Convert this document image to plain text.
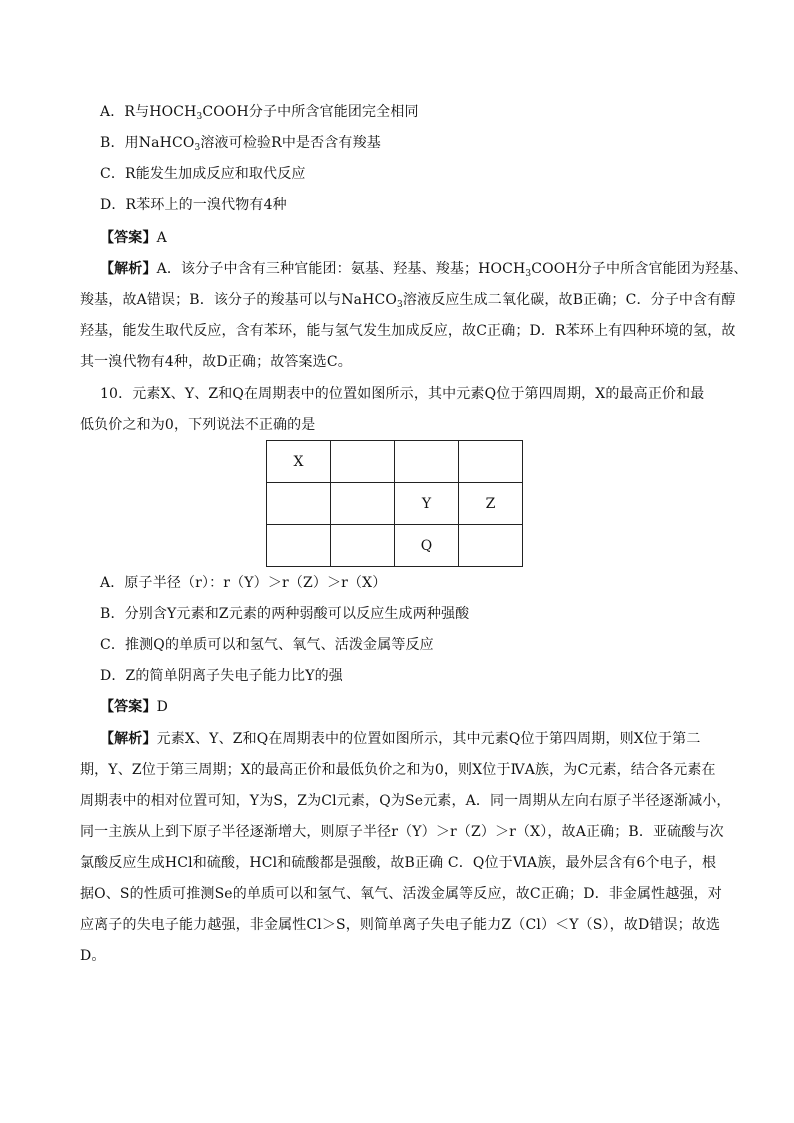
A．R与$HOCH_3COOH$分子中所含官能团完全相同
B．用NaHCO$_3$溶液可检验R中是否含有羧基
C．R能发生加成反应和取代反应
D．R苯环上的一溴代物有4种
【答案】A
【解析】A．该分子中含有三种官能团：氨基、羟基、羧基；$HOCH_3COOH$分子中所含官能团为羟基、
羧基，故A错误；B．该分子的羧基可以与NaHCO$_3$溶液反应生成二氧化碳，故B正确；C．分子中含有醇
羟基，能发生取代反应，含有苯环，能与氢气发生加成反应，故C正确；D．R苯环上有四种环境的氢，故
其一溴代物有4种，故D正确；故答案选C。
10．元素X、Y、Z和Q在周期表中的位置如图所示，其中元素Q位于第四周期，X的最高正价和最
低负价之和为0，下列说法不正确的是
X			
		Y	Z
		Q	
A．原子半径（r）：r（Y）＞r（Z）＞r（X）
B．分别含Y元素和Z元素的两种弱酸可以反应生成两种强酸
C．推测Q的单质可以和氢气、氧气、活泼金属等反应
D．Z的简单阴离子失电子能力比Y的强
【答案】D
【解析】元素X、Y、Z和Q在周期表中的位置如图所示，其中元素Q位于第四周期，则X位于第二
期，Y、Z位于第三周期；X的最高正价和最低负价之和为0，则X位于ⅣA族，为C元素，结合各元素在
周期表中的相对位置可知，Y为S，Z为Cl元素，Q为Se元素，A．同一周期从左向右原子半径逐渐减小，
同一主族从上到下原子半径逐渐增大，则原子半径r（Y）＞r（Z）＞r（X），故A正确；B．亚硫酸与次
氯酸反应生成HCl和硫酸，HCl和硫酸都是强酸，故B正确 C．Q位于ⅥA族，最外层含有6个电子，根
据O、S的性质可推测Se的单质可以和氢气、氧气、活泼金属等反应，故C正确；D．非金属性越强，对
应离子的失电子能力越强，非金属性Cl＞S，则简单离子失电子能力Z（Cl）＜Y（S），故D错误；故选
D。
